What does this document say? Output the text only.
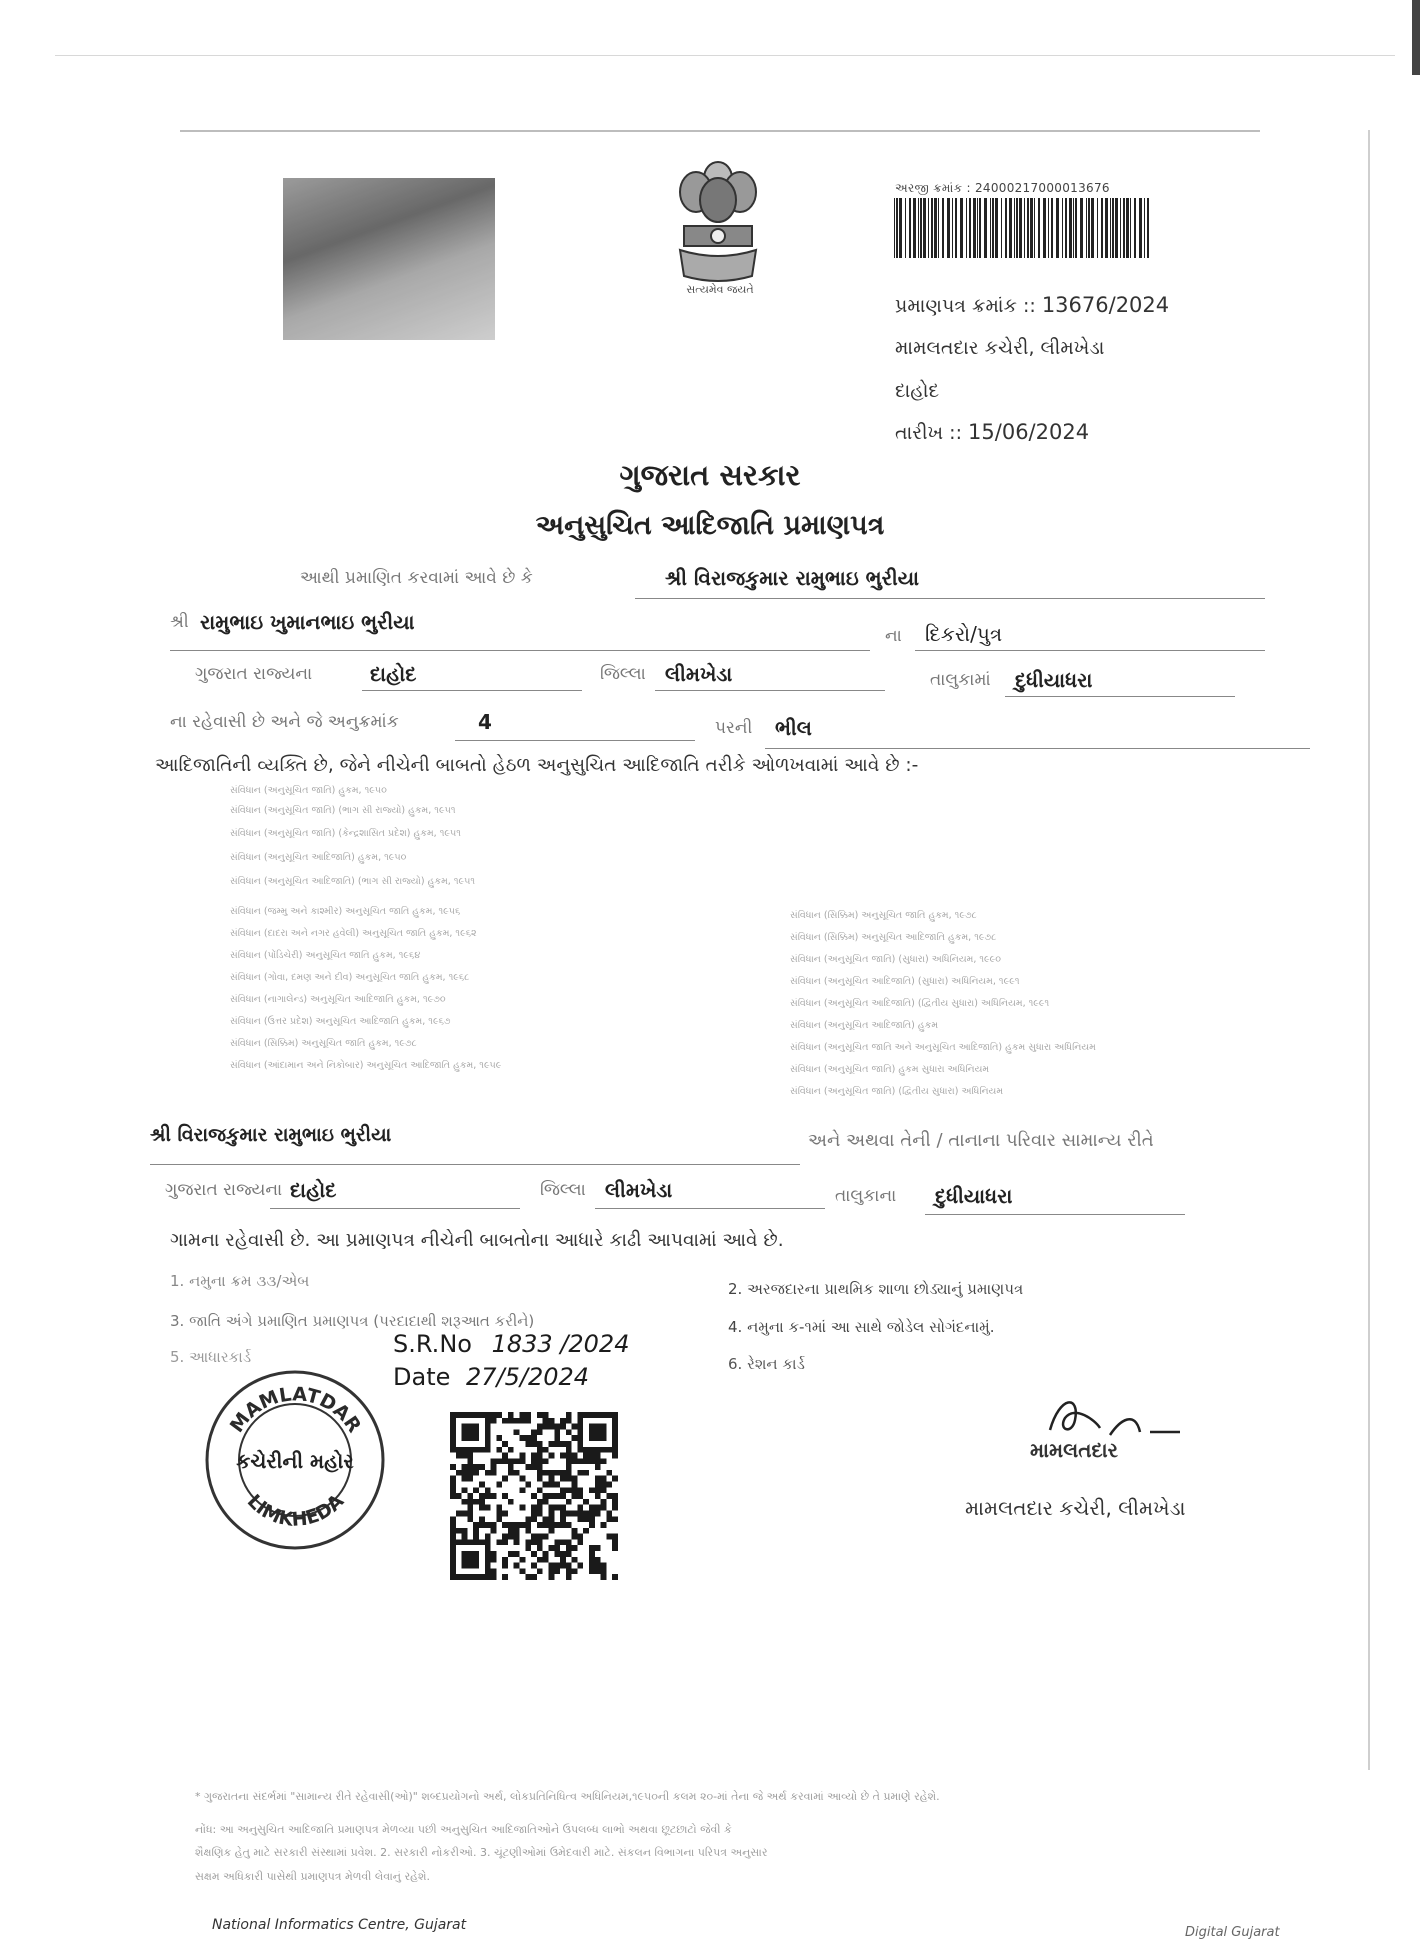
સત્યમેવ જયતે
અરજી ક્રમાંક : 24000217000013676
પ્રમાણપત્ર ક્રમાંક :: 13676/2024
મામલતદાર કચેરી, લીમખેડા
દાહોદ
તારીખ :: 15/06/2024
ગુજરાત સરકાર
અનુસુચિત આદિજાતિ પ્રમાણપત્ર
આથી પ્રમાણિત કરવામાં આવે છે કે	શ્રી વિરાજકુમાર રામુભાઇ ભુરીયા
શ્રી રામુભાઇ ખુમાનભાઇ ભુરીયા
ના દિકરો/પુત્ર
ગુજરાત રાજ્યના	દાહોદ	જિલ્લા લીમખેડા	તાલુકામાં દુધીયાધરા
ના રહેવાસી છે અને જે અનુક્રમાંક	4	પરની ભીલ
આદિજાતિની વ્યક્તિ છે, જેને નીચેની બાબતો હેઠળ અનુસુચિત આદિજાતિ તરીકે ઓળખવામાં આવે છે :-
સંવિધાન (અનુસૂચિત જાતિ) હુકમ, ૧૯૫૦
સંવિધાન (અનુસૂચિત જાતિ) (ભાગ સી રાજ્યો) હુકમ, ૧૯૫૧
સંવિધાન (અનુસૂચિત જાતિ) (કેન્દ્રશાસિત પ્રદેશ) હુકમ, ૧૯૫૧
સંવિધાન (અનુસૂચિત આદિજાતિ) હુકમ, ૧૯૫૦
સંવિધાન (અનુસૂચિત આદિજાતિ) (ભાગ સી રાજ્યો) હુકમ, ૧૯૫૧
સંવિધાન (જમ્મુ અને કાશ્મીર) અનુસૂચિત જાતિ હુકમ, ૧૯૫૬
સંવિધાન (દાદરા અને નગર હવેલી) અનુસૂચિત જાતિ હુકમ, ૧૯૬૨
સંવિધાન (પોંડિચેરી) અનુસૂચિત જાતિ હુકમ, ૧૯૬૪
સંવિધાન (ગોવા, દમણ અને દીવ) અનુસૂચિત જાતિ હુકમ, ૧૯૬૮
સંવિધાન (નાગાલેન્ડ) અનુસૂચિત આદિજાતિ હુકમ, ૧૯૭૦
સંવિધાન (ઉત્તર પ્રદેશ) અનુસૂચિત આદિજાતિ હુકમ, ૧૯૬૭
સંવિધાન (સિક્કિમ) અનુસૂચિત જાતિ હુકમ, ૧૯૭૮
સંવિધાન (આંદામાન અને નિકોબાર) અનુસૂચિત આદિજાતિ હુકમ, ૧૯૫૯
સંવિધાન (સિક્કિમ) અનુસૂચિત જાતિ હુકમ, ૧૯૭૮
સંવિધાન (સિક્કિમ) અનુસૂચિત આદિજાતિ હુકમ, ૧૯૭૮
સંવિધાન (અનુસૂચિત જાતિ) (સુધારા) અધિનિયમ, ૧૯૯૦
સંવિધાન (અનુસૂચિત આદિજાતિ) (સુધારા) અધિનિયમ, ૧૯૯૧
સંવિધાન (અનુસૂચિત આદિજાતિ) (દ્વિતીય સુધારા) અધિનિયમ, ૧૯૯૧
સંવિધાન (અનુસૂચિત આદિજાતિ) હુકમ
સંવિધાન (અનુસૂચિત જાતિ અને અનુસૂચિત આદિજાતિ) હુકમ સુધારા અધિનિયમ
સંવિધાન (અનુસૂચિત જાતિ) હુકમ સુધારા અધિનિયમ
સંવિધાન (અનુસૂચિત જાતિ) (દ્વિતીય સુધારા) અધિનિયમ
શ્રી વિરાજકુમાર રામુભાઇ ભુરીયા	અને અથવા તેની / તાનાના પરિવાર સામાન્ય રીતે
ગુજરાત રાજ્યના દાહોદ	જિલ્લા લીમખેડા	તાલુકાના દુધીયાધરા
ગામના રહેવાસી છે. આ પ્રમાણપત્ર નીચેની બાબતોના આધારે કાઢી આપવામાં આવે છે.
1. નમુના ક્રમ ૩૩/એબ	2. અરજદારના પ્રાથમિક શાળા છોડ્યાનું પ્રમાણપત્ર
3. જાતિ અંગે પ્રમાણિત પ્રમાણપત્ર (પરદાદાથી શરૂઆત કરીને)	4. નમુના ક-૧માં આ સાથે જોડેલ સોગંદનામું.
5. આધારકાર્ડ	6. રેશન કાર્ડ
S.R.No 1833 /2024
Date 27/5/2024
MAMLATDAR
LIMKHEDA
કચેરીની મહોર	મામલતદાર
મામલતદાર કચેરી, લીમખેડા
* ગુજરાતના સંદર્ભમાં "સામાન્ય રીતે રહેવાસી(ઓ)" શબ્દપ્રયોગનો અર્થ, લોકપ્રતિનિધિત્વ અધિનિયમ,૧૯૫૦ની કલમ ૨૦-માં તેના જે અર્થ કરવામાં આવ્યો છે તે પ્રમાણે રહેશે.
નોંધ: આ અનુસુચિત આદિજાતિ પ્રમાણપત્ર મેળવ્યા પછી અનુસુચિત આદિજાતિઓને ઉપલબ્ધ લાભો અથવા છૂટછાટો જેવી કે
શૈક્ષણિક હેતુ માટે સરકારી સંસ્થામાં પ્રવેશ. 2. સરકારી નોકરીઓ. 3. ચૂંટણીઓમાં ઉમેદવારી માટે. સંકલન વિભાગના પરિપત્ર અનુસાર
સક્ષમ અધિકારી પાસેથી પ્રમાણપત્ર મેળવી લેવાનું રહેશે.
National Informatics Centre, Gujarat	Digital Gujarat
